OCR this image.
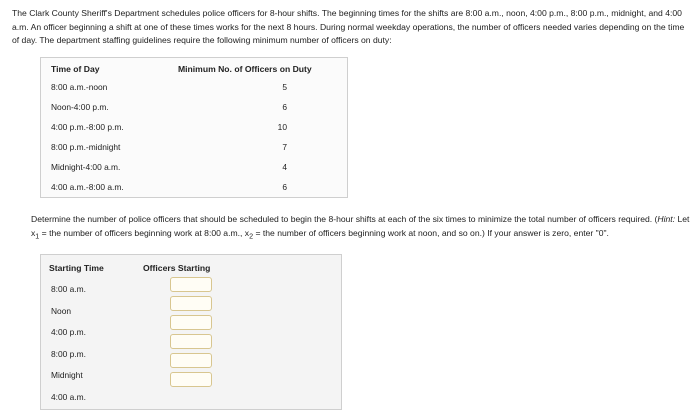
The Clark County Sheriff's Department schedules police officers for 8-hour shifts. The beginning times for the shifts are 8:00 a.m., noon, 4:00 p.m., 8:00 p.m., midnight, and 4:00 a.m. An officer beginning a shift at one of these times works for the next 8 hours. During normal weekday operations, the number of officers needed varies depending on the time of day. The department staffing guidelines require the following minimum number of officers on duty:
Time of Day	Minimum No. of Officers on Duty
8:00 a.m.-noon	5
Noon-4:00 p.m.	6
4:00 p.m.-8:00 p.m.	10
8:00 p.m.-midnight	7
Midnight-4:00 a.m.	4
4:00 a.m.-8:00 a.m.	6
Determine the number of police officers that should be scheduled to begin the 8-hour shifts at each of the six times to minimize the total number of officers required. (Hint: Let $x_1$ = the number of officers beginning work at 8:00 a.m., $x_2$ = the number of officers beginning work at noon, and so on.) If your answer is zero, enter "0".
Starting Time	Officers Starting
8:00 a.m.
Noon
4:00 p.m.
8:00 p.m.
Midnight
4:00 a.m.
